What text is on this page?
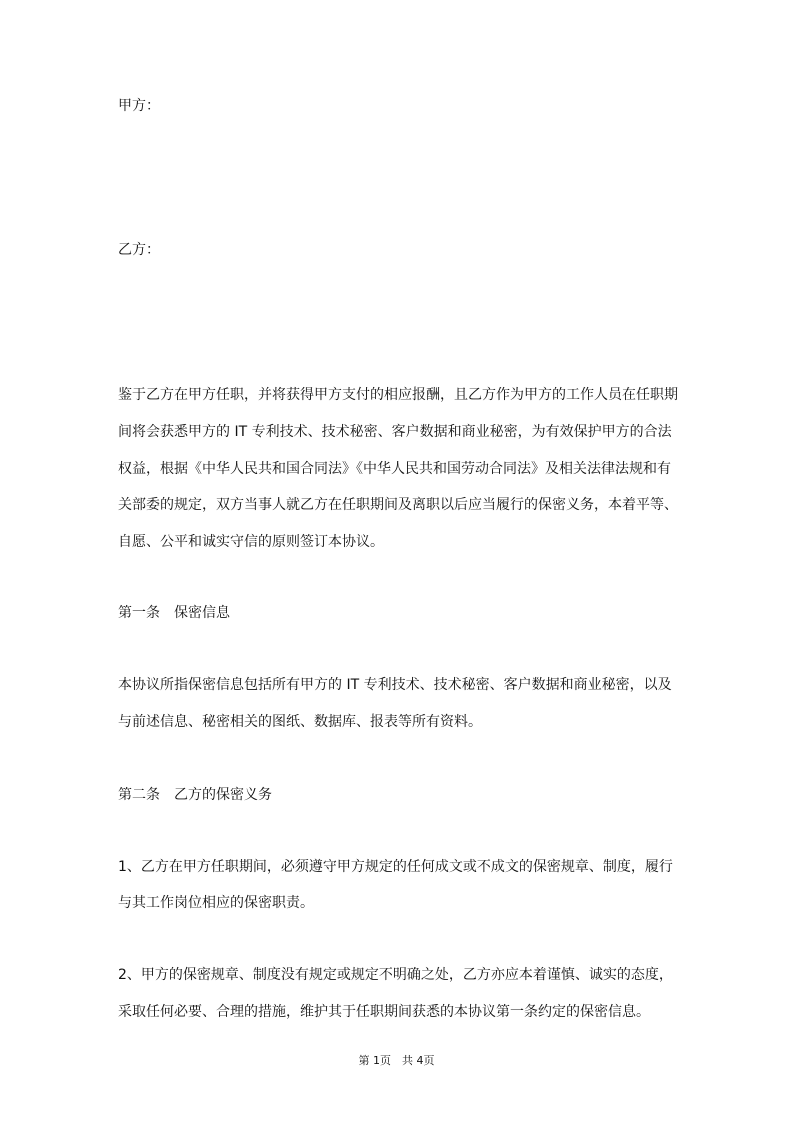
甲方：
乙方：
鉴于乙方在甲方任职，并将获得甲方支付的相应报酬，且乙方作为甲方的工作人员在任职期
间将会获悉甲方的 IT 专利技术、技术秘密、客户数据和商业秘密，为有效保护甲方的合法
权益，根据《中华人民共和国合同法》《中华人民共和国劳动合同法》及相关法律法规和有
关部委的规定，双方当事人就乙方在任职期间及离职以后应当履行的保密义务，本着平等、
自愿、公平和诚实守信的原则签订本协议。
第一条　保密信息
本协议所指保密信息包括所有甲方的 IT 专利技术、技术秘密、客户数据和商业秘密，以及
与前述信息、秘密相关的图纸、数据库、报表等所有资料。
第二条　乙方的保密义务
1、乙方在甲方任职期间，必须遵守甲方规定的任何成文或不成文的保密规章、制度，履行
与其工作岗位相应的保密职责。
2、甲方的保密规章、制度没有规定或规定不明确之处，乙方亦应本着谨慎、诚实的态度，
采取任何必要、合理的措施，维护其于任职期间获悉的本协议第一条约定的保密信息。
第 1页　共 4页
